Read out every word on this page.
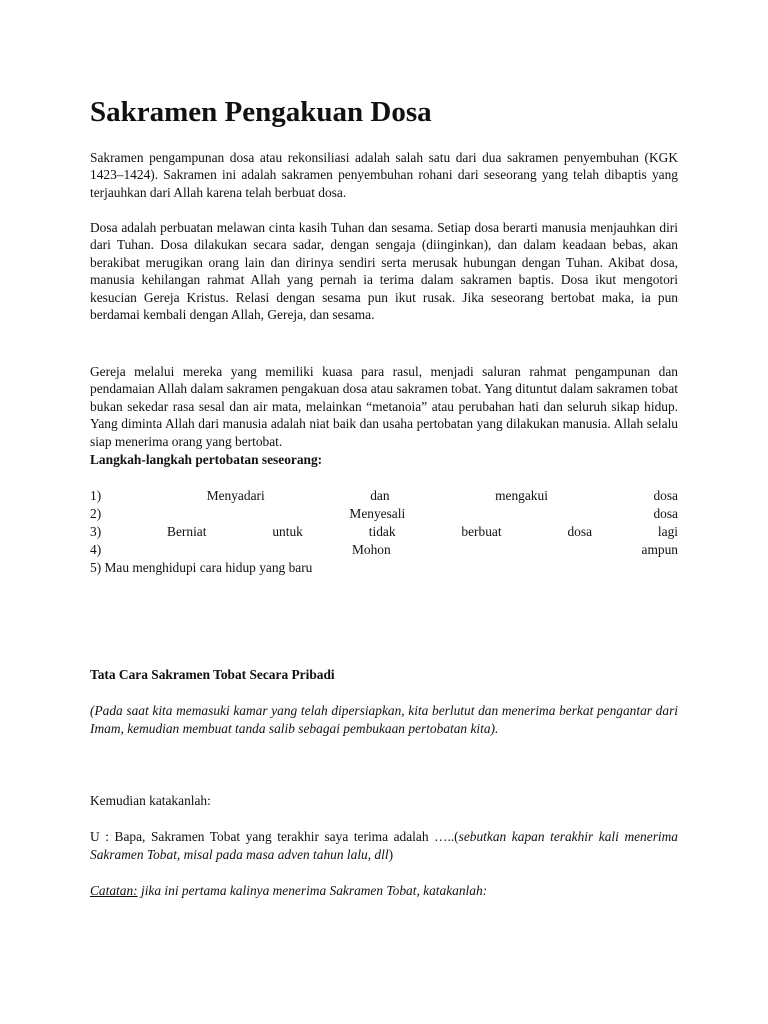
Sakramen Pengakuan Dosa

Sakramen pengampunan dosa atau rekonsiliasi adalah salah satu dari dua sakramen penyembuhan (KGK 1423–1424). Sakramen ini adalah sakramen penyembuhan rohani dari seseorang yang telah dibaptis yang terjauhkan dari Allah karena telah berbuat dosa.

Dosa adalah perbuatan melawan cinta kasih Tuhan dan sesama. Setiap dosa berarti manusia menjauhkan diri dari Tuhan. Dosa dilakukan secara sadar, dengan sengaja (diinginkan), dan dalam keadaan bebas, akan berakibat merugikan orang lain dan dirinya sendiri serta merusak hubungan dengan Tuhan. Akibat dosa, manusia kehilangan rahmat Allah yang pernah ia terima dalam sakramen baptis. Dosa ikut mengotori kesucian Gereja Kristus. Relasi dengan sesama pun ikut rusak. Jika seseorang bertobat maka, ia pun berdamai kembali dengan Allah, Gereja, dan sesama.

Gereja melalui mereka yang memiliki kuasa para rasul, menjadi saluran rahmat pengampunan dan pendamaian Allah dalam sakramen pengakuan dosa atau sakramen tobat. Yang dituntut dalam sakramen tobat bukan sekedar rasa sesal dan air mata, melainkan “metanoia” atau perubahan hati dan seluruh sikap hidup. Yang diminta Allah dari manusia adalah niat baik dan usaha pertobatan yang dilakukan manusia. Allah selalu siap menerima orang yang bertobat.

Langkah-langkah pertobatan seseorang:
1) Menyadari dan mengakui dosa
2) Menyesali dosa
3) Berniat untuk tidak berbuat dosa lagi
4) Mohon ampun
5) Mau menghidupi cara hidup yang baru
Tata Cara Sakramen Tobat Secara Pribadi

(Pada saat kita memasuki kamar yang telah dipersiapkan, kita berlutut dan menerima berkat pengantar dari Imam, kemudian membuat tanda salib sebagai pembukaan pertobatan kita).

Kemudian katakanlah:

U : Bapa, Sakramen Tobat yang terakhir saya terima adalah …..(sebutkan kapan terakhir kali menerima Sakramen Tobat, misal pada masa adven tahun lalu, dll)

Catatan: jika ini pertama kalinya menerima Sakramen Tobat, katakanlah:
